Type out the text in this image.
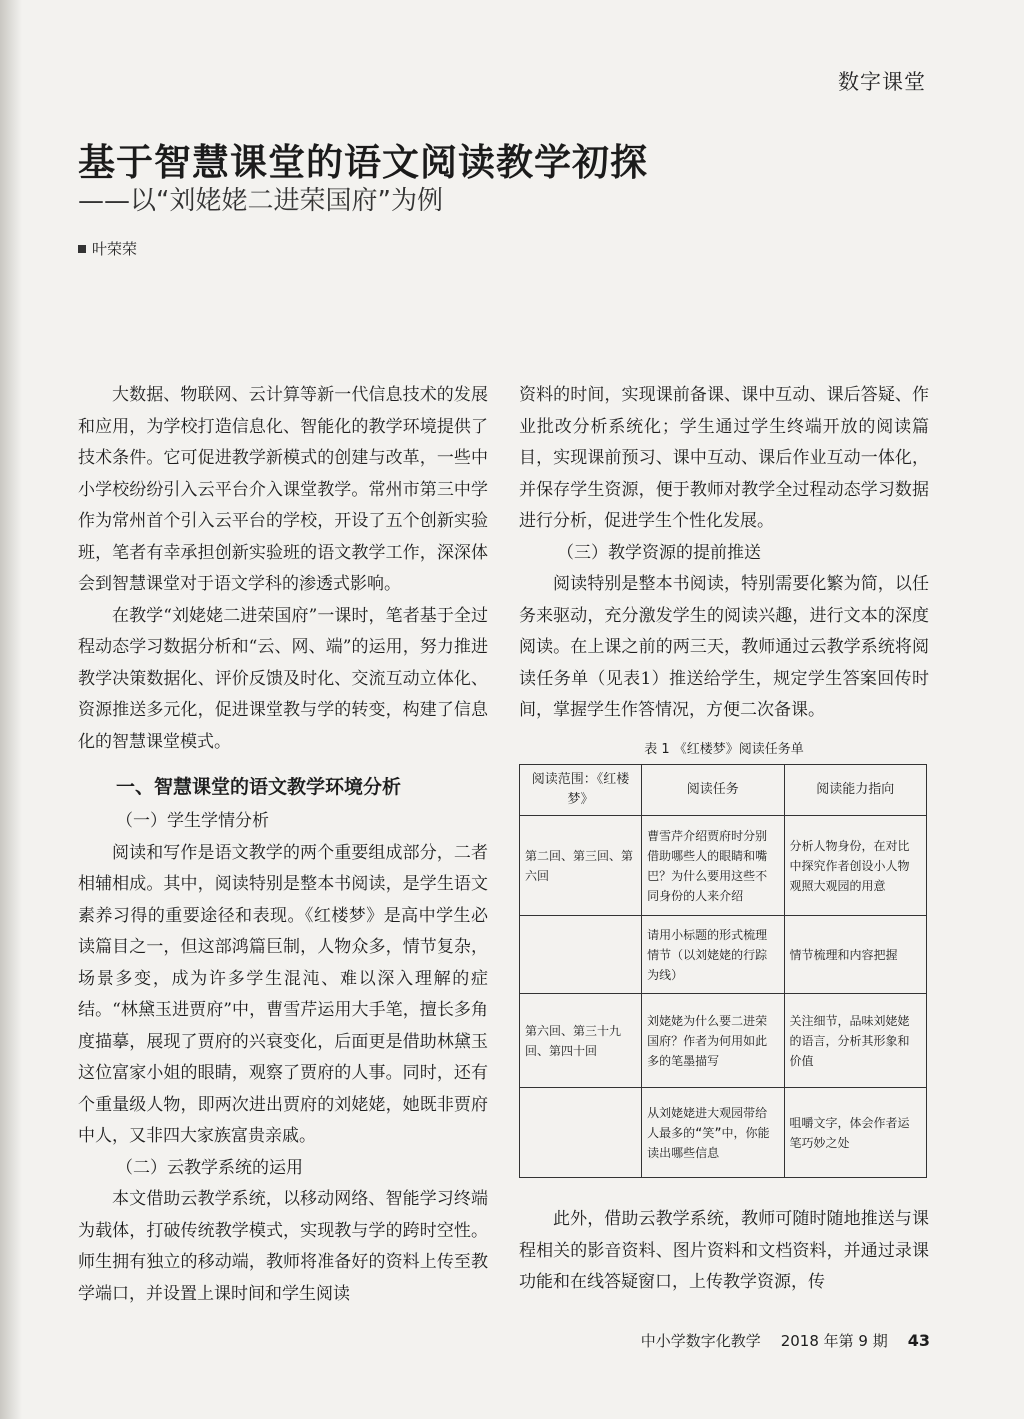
数字课堂
基于智慧课堂的语文阅读教学初探
——以“刘姥姥二进荣国府”为例
叶荣荣

大数据、物联网、云计算等新一代信息技术的发展和应用，为学校打造信息化、智能化的教学环境提供了技术条件。它可促进教学新模式的创建与改革，一些中小学校纷纷引入云平台介入课堂教学。常州市第三中学作为常州首个引入云平台的学校，开设了五个创新实验班，笔者有幸承担创新实验班的语文教学工作，深深体会到智慧课堂对于语文学科的渗透式影响。

在教学“刘姥姥二进荣国府”一课时，笔者基于全过程动态学习数据分析和“云、网、端”的运用，努力推进教学决策数据化、评价反馈及时化、交流互动立体化、资源推送多元化，促进课堂教与学的转变，构建了信息化的智慧课堂模式。

一、智慧课堂的语文教学环境分析
（一）学生学情分析

阅读和写作是语文教学的两个重要组成部分，二者相辅相成。其中，阅读特别是整本书阅读，是学生语文素养习得的重要途径和表现。《红楼梦》是高中学生必读篇目之一，但这部鸿篇巨制，人物众多，情节复杂，场景多变，成为许多学生混沌、难以深入理解的症结。“林黛玉进贾府”中，曹雪芹运用大手笔，擅长多角度描摹，展现了贾府的兴衰变化，后面更是借助林黛玉这位富家小姐的眼睛，观察了贾府的人事。同时，还有个重量级人物，即两次进出贾府的刘姥姥，她既非贾府中人，又非四大家族富贵亲戚。

（二）云教学系统的运用

本文借助云教学系统，以移动网络、智能学习终端为载体，打破传统教学模式，实现教与学的跨时空性。师生拥有独立的移动端，教师将准备好的资料上传至教学端口，并设置上课时间和学生阅读

资料的时间，实现课前备课、课中互动、课后答疑、作业批改分析系统化；学生通过学生终端开放的阅读篇目，实现课前预习、课中互动、课后作业互动一体化，并保存学生资源，便于教师对教学全过程动态学习数据进行分析，促进学生个性化发展。

（三）教学资源的提前推送

阅读特别是整本书阅读，特别需要化繁为简，以任务来驱动，充分激发学生的阅读兴趣，进行文本的深度阅读。在上课之前的两三天，教师通过云教学系统将阅读任务单（见表1）推送给学生，规定学生答案回传时间，掌握学生作答情况，方便二次备课。

表 1 《红楼梦》阅读任务单
阅读范围：《红楼梦》	阅读任务	阅读能力指向
第二回、第三回、第六回	曹雪芹介绍贾府时分别借助哪些人的眼睛和嘴巴？为什么要用这些不同身份的人来介绍	分析人物身份，在对比中探究作者创设小人物观照大观园的用意
	请用小标题的形式梳理情节（以刘姥姥的行踪为线）	情节梳理和内容把握
第六回、第三十九回、第四十回	刘姥姥为什么要二进荣国府？作者为何用如此多的笔墨描写	关注细节，品味刘姥姥的语言，分析其形象和价值
	从刘姥姥进大观园带给人最多的“笑”中，你能读出哪些信息	咀嚼文字，体会作者运笔巧妙之处

此外，借助云教学系统，教师可随时随地推送与课程相关的影音资料、图片资料和文档资料，并通过录课功能和在线答疑窗口，上传教学资源，传

中小学数字化教学 2018 年第 9 期 43
